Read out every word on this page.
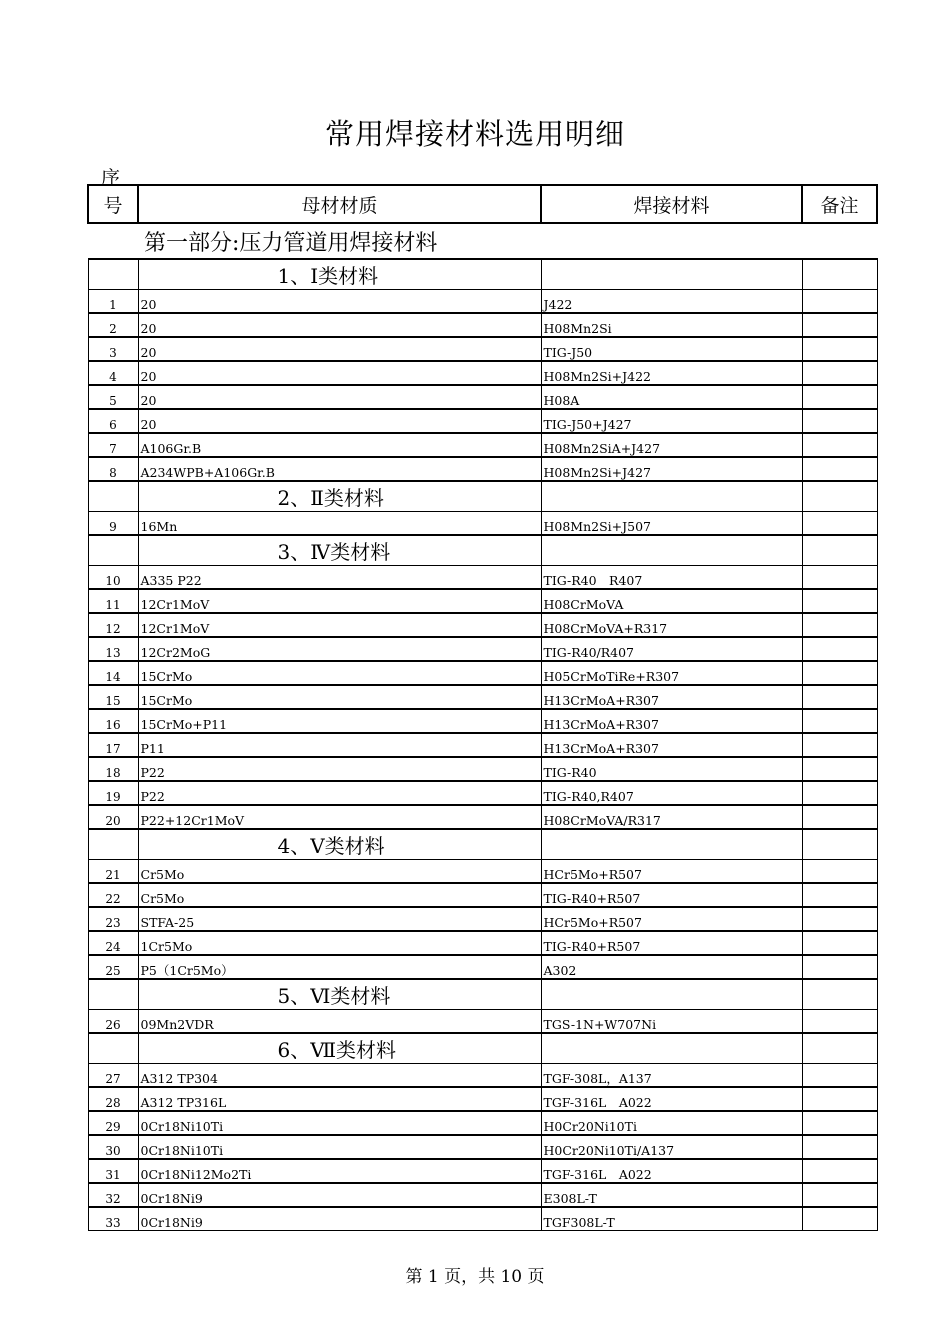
常用焊接材料选用明细
序
号	母材材质	焊接材料	备注
	第一部分:压力管道用焊接材料		
	1、Ⅰ类材料		
1	20	J422	
2	20	H08Mn2Si	
3	20	TIG-J50	
4	20	H08Mn2Si+J422	
5	20	H08A	
6	20	TIG-J50+J427	
7	A106Gr.B	H08Mn2SiA+J427	
8	A234WPB+A106Gr.B	H08Mn2Si+J427	
	2、Ⅱ类材料		
9	16Mn	H08Mn2Si+J507	
	3、Ⅳ类材料		
10	A335 P22	TIG-R40　R407	
11	12Cr1MoV	H08CrMoVA	
12	12Cr1MoV	H08CrMoVA+R317	
13	12Cr2MoG	TIG-R40/R407	
14	15CrMo	H05CrMoTiRe+R307	
15	15CrMo	H13CrMoA+R307	
16	15CrMo+P11	H13CrMoA+R307	
17	P11	H13CrMoA+R307	
18	P22	TIG-R40	
19	P22	TIG-R40,R407	
20	P22+12Cr1MoV	H08CrMoVA/R317	
	4、Ⅴ类材料		
21	Cr5Mo	HCr5Mo+R507	
22	Cr5Mo	TIG-R40+R507	
23	STFA-25	HCr5Mo+R507	
24	1Cr5Mo	TIG-R40+R507	
25	P5（1Cr5Mo）	A302	
	5、Ⅵ类材料		
26	09Mn2VDR	TGS-1N+W707Ni	
	6、Ⅶ类材料		
27	A312 TP304	TGF-308L，A137	
28	A312 TP316L	TGF-316L　A022	
29	0Cr18Ni10Ti	H0Cr20Ni10Ti	
30	0Cr18Ni10Ti	H0Cr20Ni10Ti/A137	
31	0Cr18Ni12Mo2Ti	TGF-316L　A022	
32	0Cr18Ni9	E308L-T	
33	0Cr18Ni9	TGF308L-T	
第 1 页，共 10 页
